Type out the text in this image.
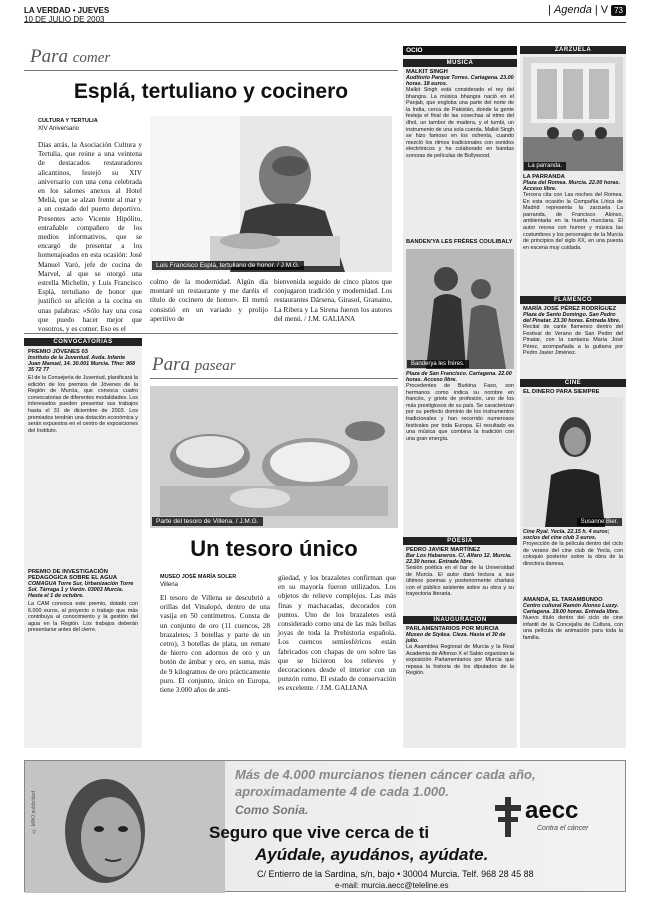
LA VERDAD • JUEVES
10 DE JULIO DE 2003
| Agenda | V 73
Para comer
Esplá, tertuliano y cocinero
CULTURA Y TERTULIA
XIV Aniversario
Días atrás, la Asociación Cultura y Tertulia, que reúne a una veintena de destacados restauradores alicantinos, festejó su XIV aniversario con una cena celebrada en los salones anexos al Hotel Meliá, que se alzan frente al mar y a un costado del puerto deportivo. Presentes acto Vicente Hipólito, entrañable compañero de los medios informativos, que se encargó de presentar a los homenajeados en esta ocasión: José Manuel Varó, jefe de cocina de Marvel, al que se otorgó una estrella Michelin, y Luis Francisco Esplá, tertuliano de honor que justificó su afición a la cocina en unas palabras: «Sólo hay una cosa que puedo hacer mejor que vosotros, y es comer. Eso es el
Luis Francisco Esplá, tertuliano de honor. / J.M.G.
colmo de la modernidad. Algún día montaré un restaurante y me daréis el título de cocinero de honor». El menú consistió en un variado y prolijo aperitivo de
bienvenida seguido de cinco platos que conjugaron tradición y modernidad. Los restaurantes Dársena, Girasol, Granaino, La Ribera y La Sirena fueron los autores del menú. / J.M. GALIANA
CONVOCATORIAS
PREMIO JÓVENES 03
Instituto de la Juventud. Avda. Infante Juan Manuel, 14. 30.001 Murcia. Tfno: 968 35 72 77
El de la Consejería de Juventud, planificará la edición de los premios de Jóvenes de la Región de Murcia, que convoca cuatro convocatorias de diferentes modalidades. Los interesados pueden presentar sus trabajos hasta el 31 de diciembre de 2003. Los premiados tendrán una dotación económica y serán expuestos en el centro de exposiciones del Instituto.
PREMIO DE INVESTIGACIÓN PEDAGÓGICA SOBRE EL AGUA
COMAGUA Torre Sur, Urbanización Torre Sol. Tárraga 1 y Varón. 03003 Murcia. Hasta el 1 de octubre.
La CAM convoca este premio, dotado con 6.000 euros, al proyecto o trabajo que más contribuya al conocimiento y la gestión del agua en la Región. Los trabajos deberán presentarse antes del cierre.
Para pasear
Parte del tesoro de Villena. / J.M.G.
Un tesoro único
MUSEO JOSÉ MARÍA SOLER
Villena
El tesoro de Villena se descubrió a orillas del Vinalopó, dentro de una vasija en 50 centímetros. Consta de un conjunto de oro (11 cuencos, 28 brazaletes, 3 botellas y parte de un cetro), 3 botellas de plata, un remate de hierro con adornos de oro y un botón de ámbar y oro, en suma, más de 9 kilogramos de oro prácticamente puro. El conjunto, único en Europa, tiene 3.000 años de anti-
güedad, y los brazaletes confirman que en su mayoría fueron utilizados. Los objetos de relieve complejos. Las más finas y machacadas, decorados con puntos. Uno de los brazaletes está considerado como una de las más bellas joyas de toda la Prehistoria española. Los cuencos semiesféricos están fabricados con chapas de oro sobre las que se hicieron los relieves y decoraciones desde el interior con un punzón romo. El estado de conservación es excelente. / J.M. GALIANA
OCIO
MÚSICA
MALKIT SINGH
Auditorio Parque Torres. Cartagena. 23.00 horas. 18 euros.
Malkit Singh está considerado el rey del bhangra. La música bhangra nació en el Panjab, que engloba una parte del norte de la India, cerca de Pakistán, donde la gente festeja el final de las cosechas al ritmo del dhol, un tambor de madera, y el tumbi, un instrumento de una sola cuerda. Malkit Singh se hizo famoso en los ochenta, cuando mezcló los ritmos tradicionales con sonidos electrónicos y ha colaborado en bandas sonoras de películas de Bollywood.
BANDEN'YA LES FRÈRES COULIBALY
Banderya les fréres.
Plaza de San Francisco. Cartagena. 22.00 horas. Acceso libre.
Procedentes de Burkina Faso, son hermanos como indica su nombre en francés, y griots de profesión, uno de los más prestigiosos de su país. Se caracterizan por su perfecto dominio de los instrumentos tradicionales y han recorrido numerosos festivales por toda Europa. El resultado es una música que combina la tradición con una gran energía.
POESÍA
PEDRO JAVIER MARTÍNEZ
Bar Los Habaneros. C/. Alfaro 12. Murcia. 22.30 horas. Entrada libre.
Sesión poética en el bar de la Universidad de Murcia. El autor dará lectura a sus últimos poemas y posteriormente charlará con el público asistente sobre su obra y su trayectoria literaria.
INAUGURACIÓN
PARLAMENTARIOS POR MURCIA
Museo de Siyâsa. Cieza. Hasta el 30 de julio.
La Asamblea Regional de Murcia y la Real Academia de Alfonso X el Sabio organizan la exposición Parlamentarios por Murcia que repasa la historia de los diputados de la Región.
ZARZUELA
La parranda.
LA PARRANDA
Plaza del Romea. Murcia. 22.00 horas. Acceso libre.
Tercera cita con Las noches del Romea. En esta ocasión la Compañía Lírica de Madrid representa la zarzuela La parranda, de Francisco Alonso, ambientada en la huerta murciana. El autor recrea con humor y música las costumbres y los personajes de la Murcia de principios del siglo XX, en una puesta en escena muy cuidada.
FLAMENCO
MARÍA JOSÉ PÉREZ RODRÍGUEZ
Plaza de Santo Domingo. San Pedro del Pinatar. 23.30 horas. Entrada libre.
Recital de cante flamenco dentro del Festival de Verano de San Pedro del Pinatar, con la cantaora María José Pérez, acompañada a la guitarra por Pedro Javier Jiménez.
CINE
EL DINERO PARA SIEMPRE
Susanne Bier.
Cine Ryal. Yecla. 22.15 h. 4 euros; socios del cine club 3 euros.
Proyección de la película dentro del ciclo de verano del cine club de Yecla, con coloquio posterior sobre la obra de la directora danesa.
AMANDA, EL TARAMBUNDO
Centro cultural Ramón Alonso Luzzy. Cartagena. 19.00 horas. Entrada libre.
Nuevo título dentro del ciclo de cine infantil de la Concejalía de Cultura, con una película de animación para toda la familia.
© MAO publicidad
Más de 4.000 murcianos tienen cáncer cada año,
aproximadamente 4 de cada 1.000.
Como Sonia.
Seguro que vive cerca de ti
Ayúdale, ayudános, ayúdate.
C/ Entierro de la Sardina, s/n, bajo • 30004 Murcia. Telf. 968 28 45 88
e-mail: murcia.aecc@teleline.es
aecc
Contra el cáncer
